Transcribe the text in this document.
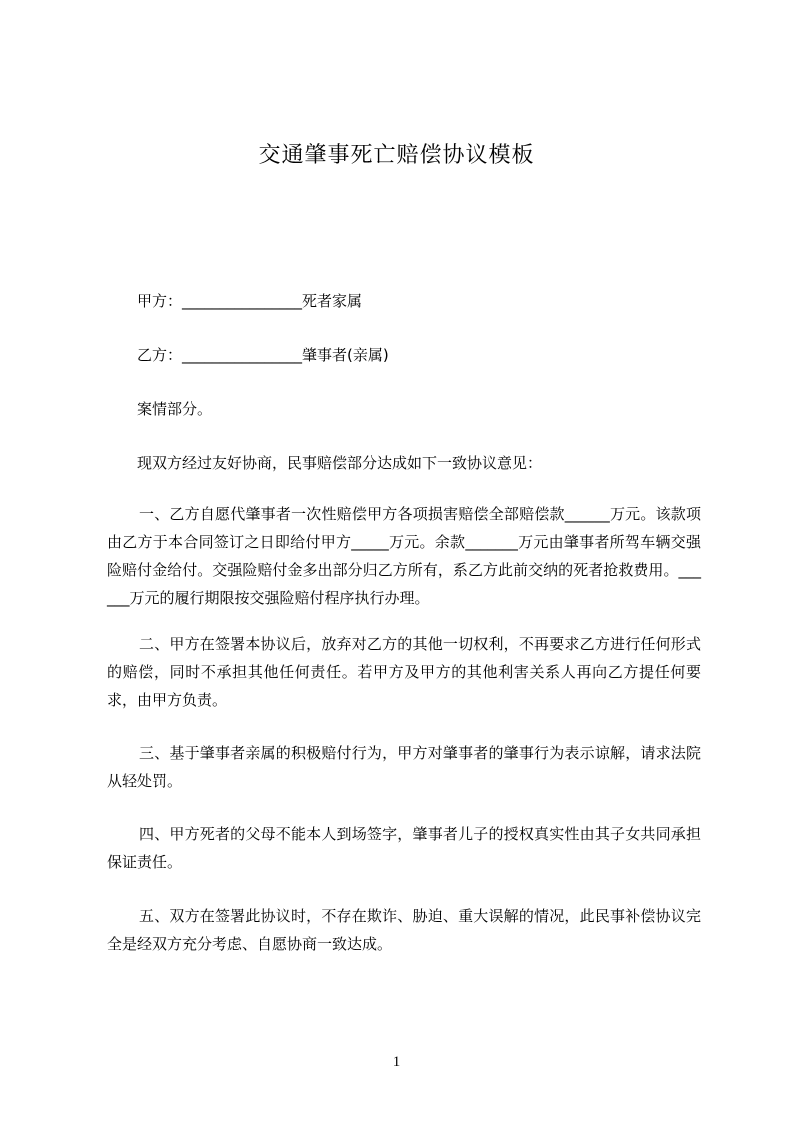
交通肇事死亡赔偿协议模板
甲方：________________死者家属
乙方：________________肇事者(亲属)
案情部分。
现双方经过友好协商，民事赔偿部分达成如下一致协议意见：
一、乙方自愿代肇事者一次性赔偿甲方各项损害赔偿全部赔偿款______万元。该款项由乙方于本合同签订之日即给付甲方_____万元。余款_______万元由肇事者所驾车辆交强险赔付金给付。交强险赔付金多出部分归乙方所有，系乙方此前交纳的死者抢救费用。______万元的履行期限按交强险赔付程序执行办理。
二、甲方在签署本协议后，放弃对乙方的其他一切权利，不再要求乙方进行任何形式的赔偿，同时不承担其他任何责任。若甲方及甲方的其他利害关系人再向乙方提任何要求，由甲方负责。
三、基于肇事者亲属的积极赔付行为，甲方对肇事者的肇事行为表示谅解，请求法院从轻处罚。
四、甲方死者的父母不能本人到场签字，肇事者儿子的授权真实性由其子女共同承担保证责任。
五、双方在签署此协议时，不存在欺诈、胁迫、重大误解的情况，此民事补偿协议完全是经双方充分考虑、自愿协商一致达成。
1
